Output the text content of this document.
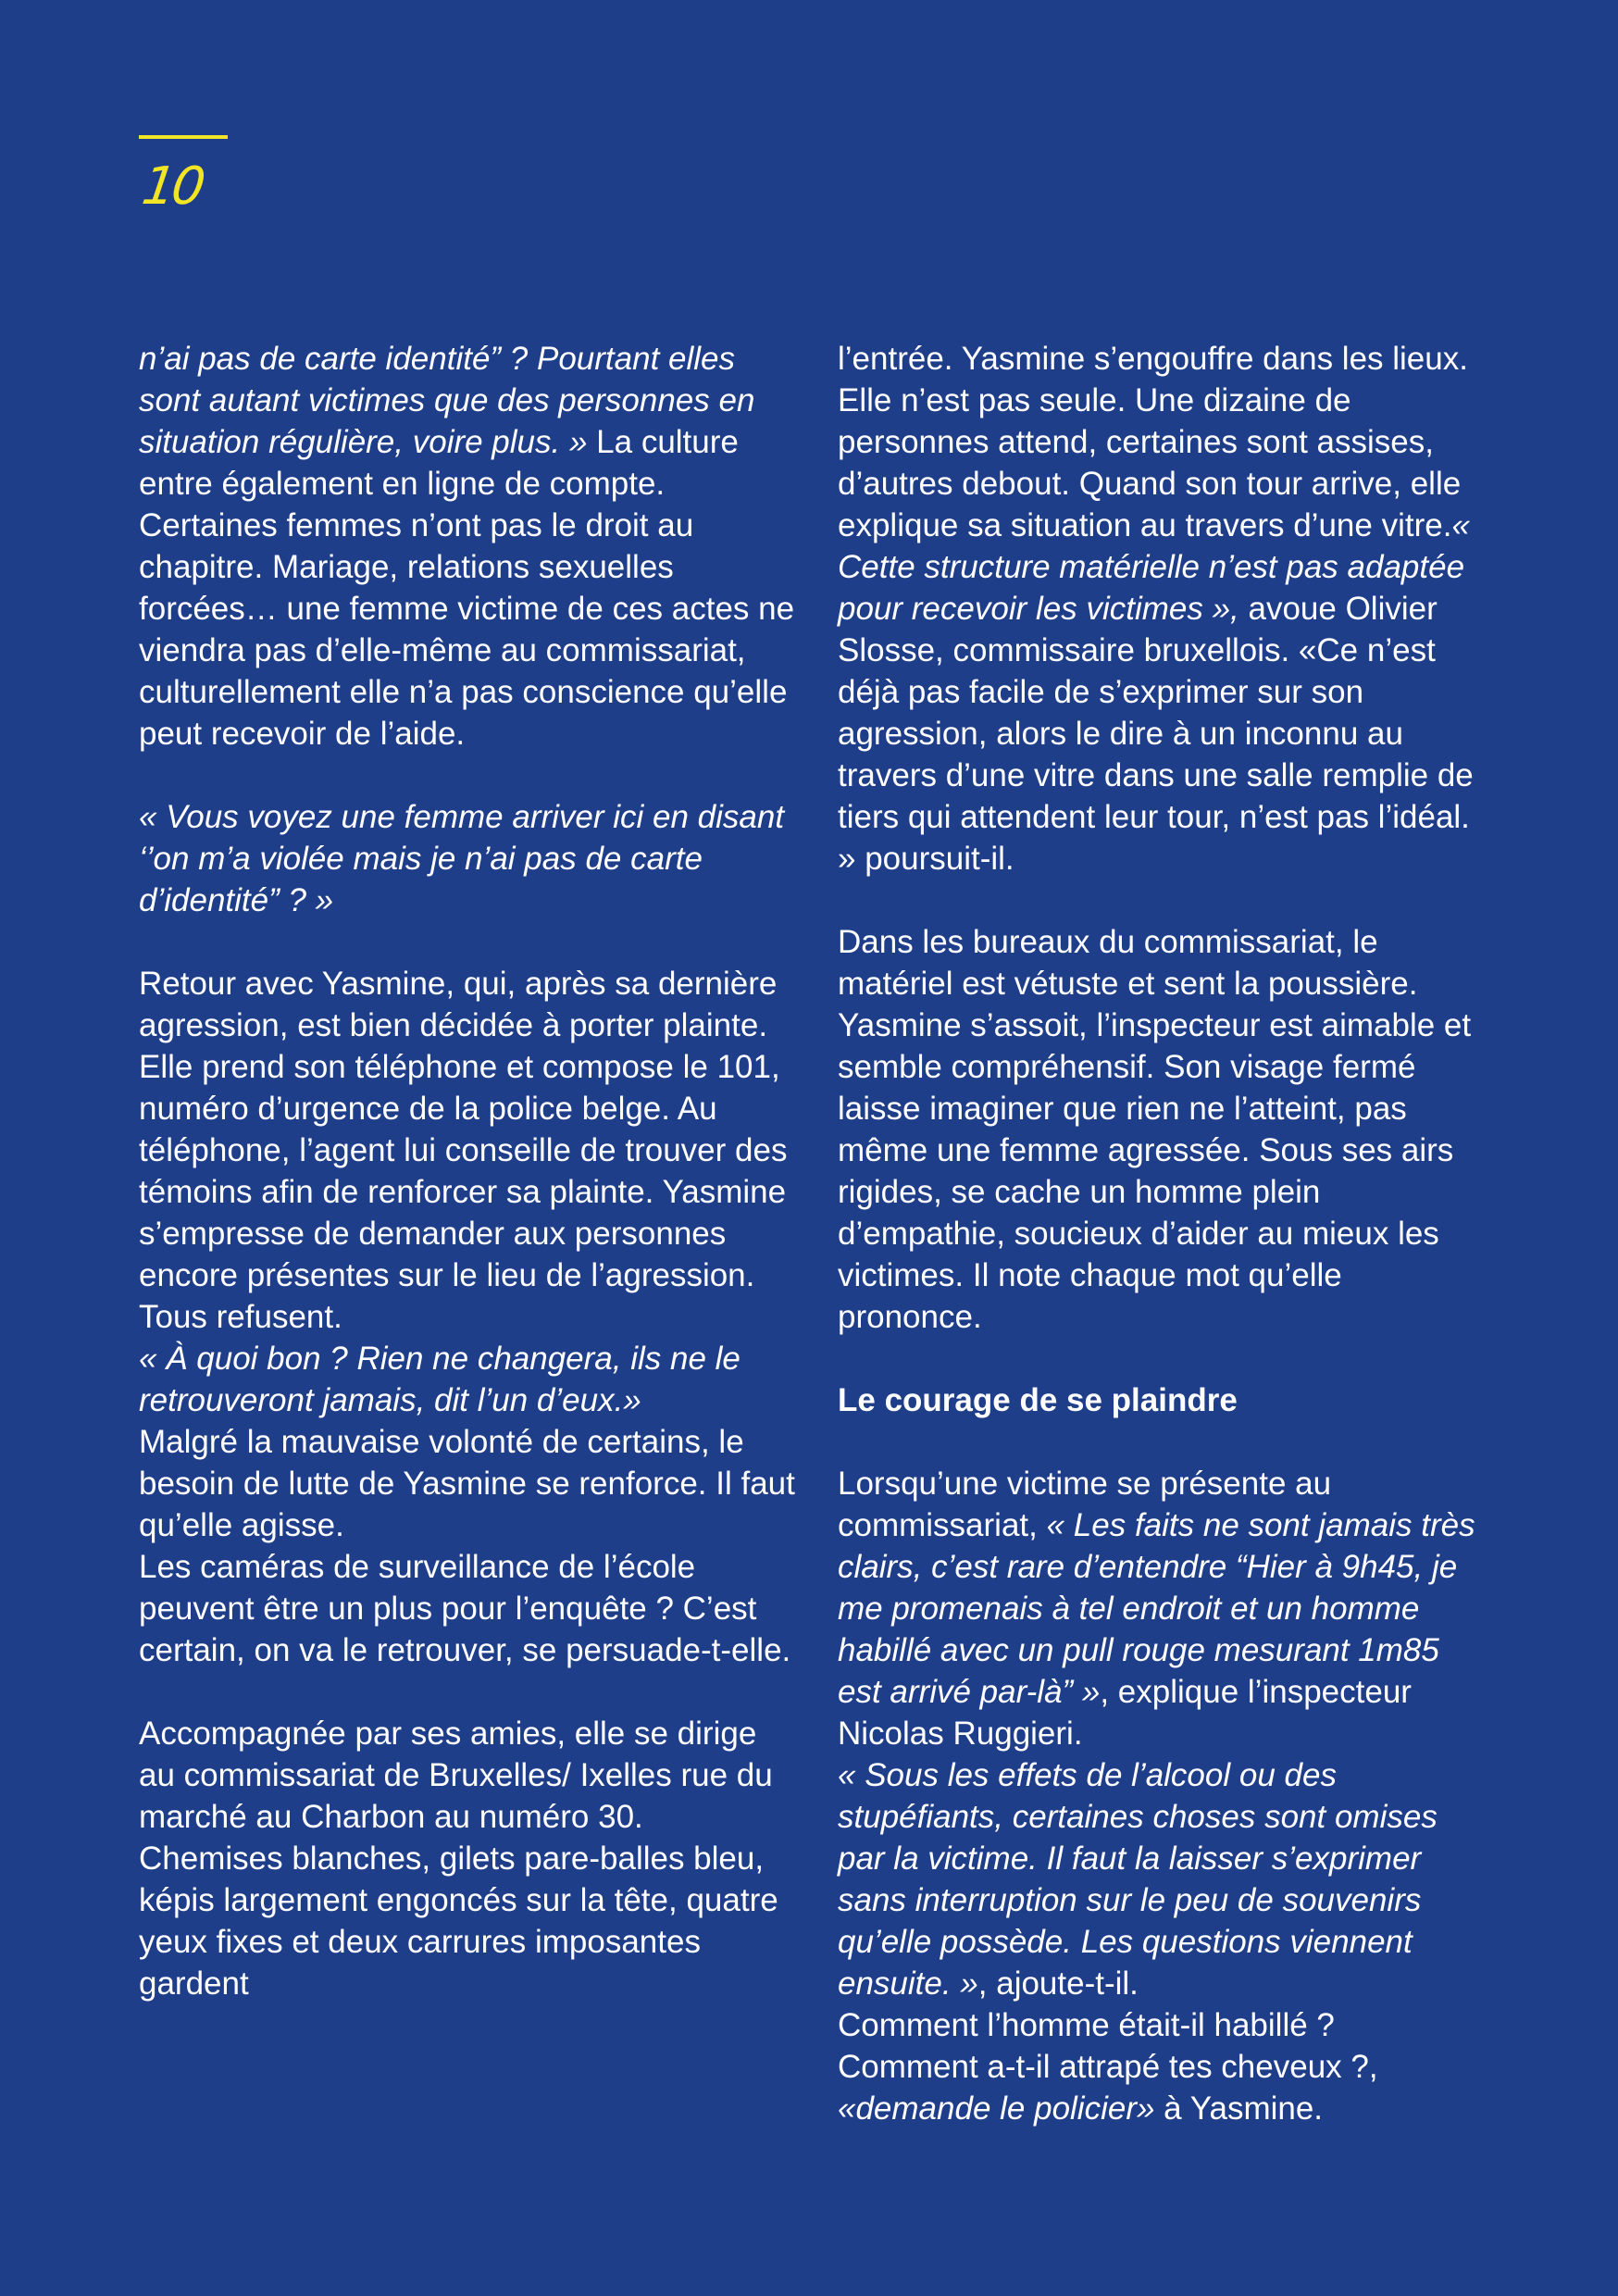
10

n’ai pas de carte identité” ? Pourtant elles sont autant victimes que des personnes en situation régulière, voire plus. » La culture entre également en ligne de compte. Certaines femmes n’ont pas le droit au chapitre. Mariage, relations sexuelles forcées… une femme victime de ces actes ne viendra pas d’elle-même au commissariat, culturellement elle n’a pas conscience qu’elle peut recevoir de l’aide.

« Vous voyez une femme arriver ici en disant ‘’on m’a violée mais je n’ai pas de carte d’identité” ? »

Retour avec Yasmine, qui, après sa dernière agression, est bien décidée à porter plainte. Elle prend son téléphone et compose le 101, numéro d’urgence de la police belge. Au téléphone, l’agent lui conseille de trouver des témoins afin de renforcer sa plainte. Yasmine s’empresse de demander aux personnes encore présentes sur le lieu de l’agression. Tous refusent.

« À quoi bon ? Rien ne changera, ils ne le retrouveront jamais, dit l’un d’eux.»

Malgré la mauvaise volonté de certains, le besoin de lutte de Yasmine se renforce. Il faut qu’elle agisse.

Les caméras de surveillance de l’école peuvent être un plus pour l’enquête ? C’est certain, on va le retrouver, se persuade-t-elle.

Accompagnée par ses amies, elle se dirige au commissariat de Bruxelles/ Ixelles rue du marché au Charbon au numéro 30. Chemises blanches, gilets pare-balles bleu, képis largement engoncés sur la tête, quatre yeux fixes et deux carrures imposantes gardent

l’entrée. Yasmine s’engouffre dans les lieux. Elle n’est pas seule. Une dizaine de personnes attend, certaines sont assises, d’autres debout. Quand son tour arrive, elle explique sa situation au travers d’une vitre.« Cette structure matérielle n’est pas adaptée pour recevoir les victimes », avoue Olivier Slosse, commissaire bruxellois. «Ce n’est déjà pas facile de s’exprimer sur son agression, alors le dire à un inconnu au travers d’une vitre dans une salle remplie de tiers qui attendent leur tour, n’est pas l’idéal. » poursuit-il.

Dans les bureaux du commissariat, le matériel est vétuste et sent la poussière. Yasmine s’assoit, l’inspecteur est aimable et semble compréhensif. Son visage fermé laisse imaginer que rien ne l’atteint, pas même une femme agressée. Sous ses airs rigides, se cache un homme plein d’empathie, soucieux d’aider au mieux les victimes. Il note chaque mot qu’elle prononce.

Le courage de se plaindre

Lorsqu’une victime se présente au commissariat, « Les faits ne sont jamais très clairs, c’est rare d’entendre “Hier à 9h45, je me promenais à tel endroit et un homme habillé avec un pull rouge mesurant 1m85 est arrivé par-là” », explique l’inspecteur Nicolas Ruggieri.

« Sous les effets de l’alcool ou des stupéfiants, certaines choses sont omises par la victime. Il faut la laisser s’exprimer sans interruption sur le peu de souvenirs qu’elle possède. Les questions viennent ensuite. », ajoute-t-il.

Comment l’homme était-il habillé ?

Comment a-t-il attrapé tes cheveux ?, «demande le policier» à Yasmine.
